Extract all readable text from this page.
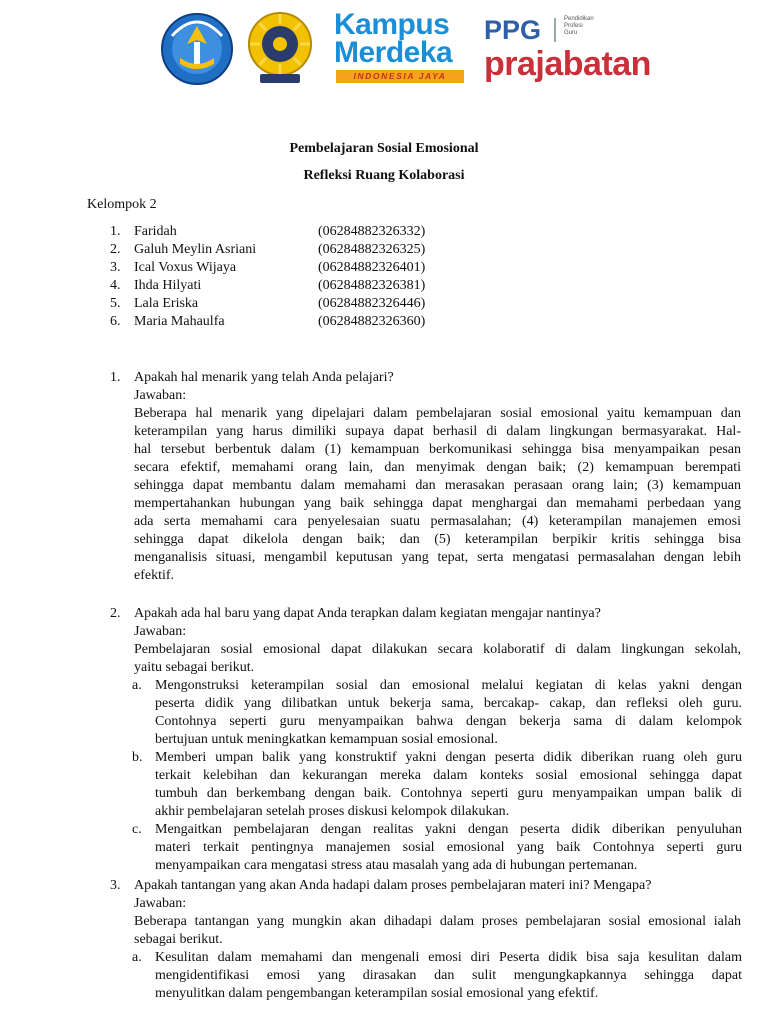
Kampus
Merdeka
INDONESIA JAYA
PPG	Pendidikan
Profesi
Guru
prajabatan
Pembelajaran Sosial Emosional
Refleksi Ruang Kolaborasi
Kelompok 2
1. Faridah	(06284882326332)
2. Galuh Meylin Asriani	(06284882326325)
3. Ical Voxus Wijaya	(06284882326401)
4. Ihda Hilyati	(06284882326381)
5. Lala Eriska	(06284882326446)
6. Maria Mahaulfa	(06284882326360)
1. Apakah hal menarik yang telah Anda pelajari?
Jawaban:
Beberapa hal menarik yang dipelajari dalam pembelajaran sosial emosional yaitu kemampuan dan
keterampilan yang harus dimiliki supaya dapat berhasil di dalam lingkungan bermasyarakat. Hal-
hal tersebut berbentuk dalam (1) kemampuan berkomunikasi sehingga bisa menyampaikan pesan
secara efektif, memahami orang lain, dan menyimak dengan baik; (2) kemampuan berempati
sehingga dapat membantu dalam memahami dan merasakan perasaan orang lain; (3) kemampuan
mempertahankan hubungan yang baik sehingga dapat menghargai dan memahami perbedaan yang
ada serta memahami cara penyelesaian suatu permasalahan; (4) keterampilan manajemen emosi
sehingga dapat dikelola dengan baik; dan (5) keterampilan berpikir kritis sehingga bisa
menganalisis situasi, mengambil keputusan yang tepat, serta mengatasi permasalahan dengan lebih
efektif.
2. Apakah ada hal baru yang dapat Anda terapkan dalam kegiatan mengajar nantinya?
Jawaban:
Pembelajaran sosial emosional dapat dilakukan secara kolaboratif di dalam lingkungan sekolah,
yaitu sebagai berikut.
a. Mengonstruksi keterampilan sosial dan emosional melalui kegiatan di kelas yakni dengan
peserta didik yang dilibatkan untuk bekerja sama, bercakap- cakap, dan refleksi oleh guru.
Contohnya seperti guru menyampaikan bahwa dengan bekerja sama di dalam kelompok
bertujuan untuk meningkatkan kemampuan sosial emosional.
b. Memberi umpan balik yang konstruktif yakni dengan peserta didik diberikan ruang oleh guru
terkait kelebihan dan kekurangan mereka dalam konteks sosial emosional sehingga dapat
tumbuh dan berkembang dengan baik. Contohnya seperti guru menyampaikan umpan balik di
akhir pembelajaran setelah proses diskusi kelompok dilakukan.
c. Mengaitkan pembelajaran dengan realitas yakni dengan peserta didik diberikan penyuluhan
materi terkait pentingnya manajemen sosial emosional yang baik Contohnya seperti guru
menyampaikan cara mengatasi stress atau masalah yang ada di hubungan pertemanan.
3. Apakah tantangan yang akan Anda hadapi dalam proses pembelajaran materi ini? Mengapa?
Jawaban:
Beberapa tantangan yang mungkin akan dihadapi dalam proses pembelajaran sosial emosional ialah
sebagai berikut.
a. Kesulitan dalam memahami dan mengenali emosi diri Peserta didik bisa saja kesulitan dalam
mengidentifikasi emosi yang dirasakan dan sulit mengungkapkannya sehingga dapat
menyulitkan dalam pengembangan keterampilan sosial emosional yang efektif.
